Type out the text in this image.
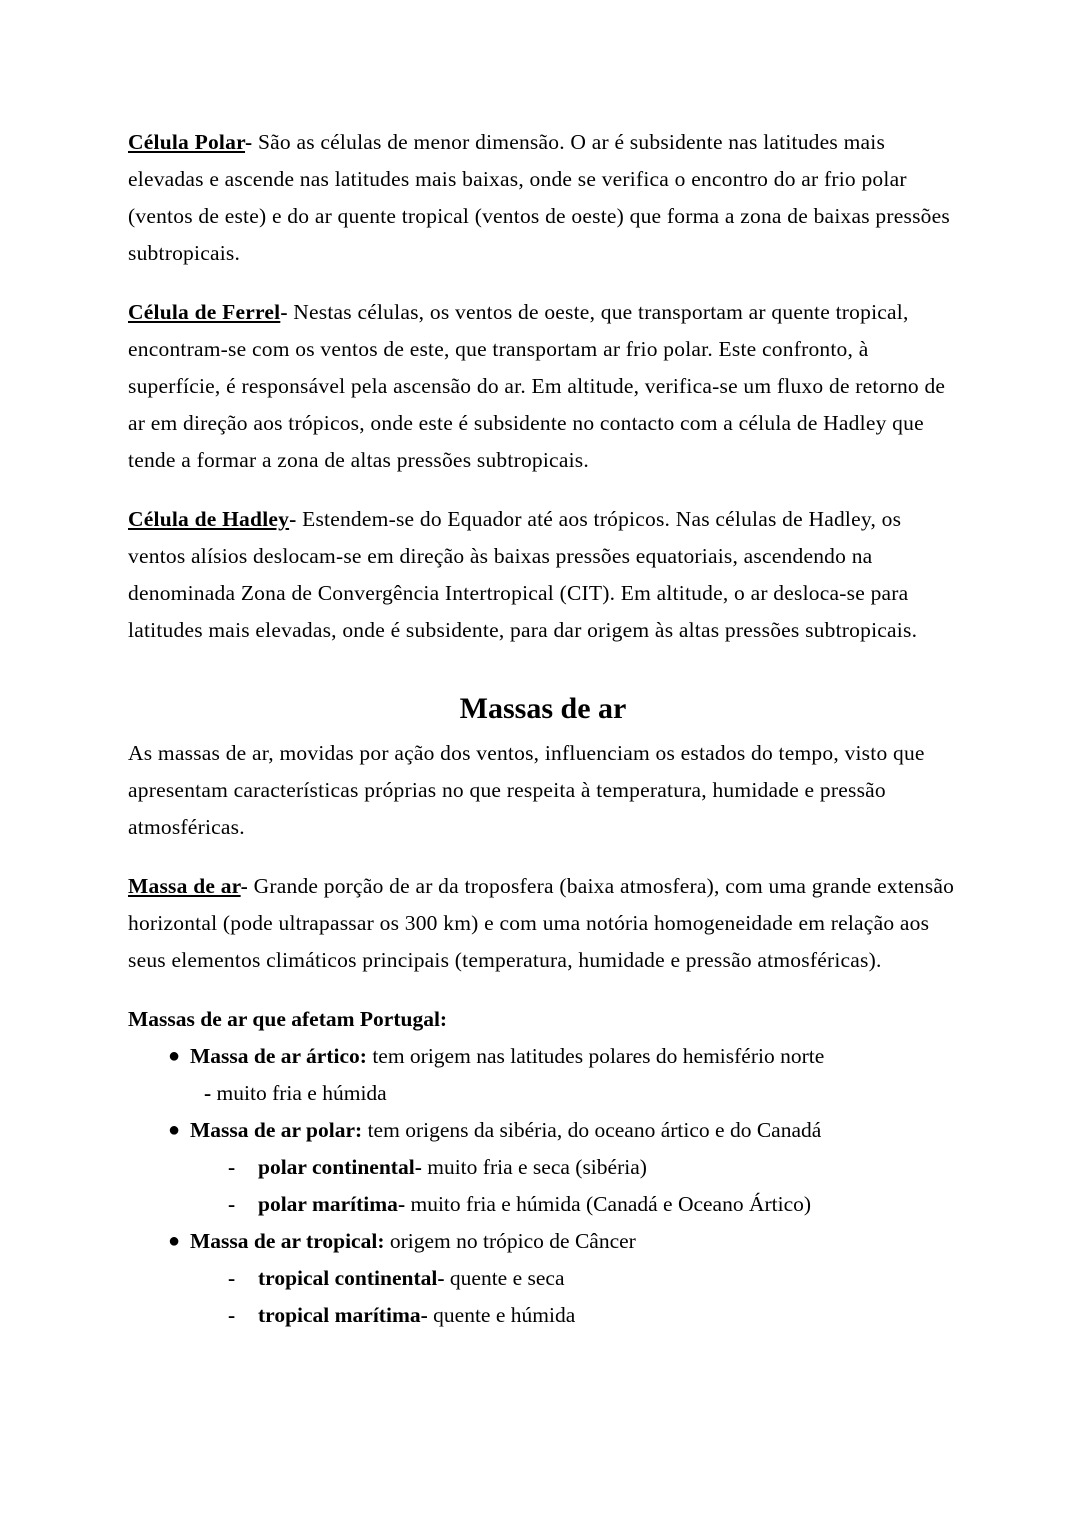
Célula Polar- São as células de menor dimensão. O ar é subsidente nas latitudes mais elevadas e ascende nas latitudes mais baixas, onde se verifica o encontro do ar frio polar (ventos de este) e do ar quente tropical (ventos de oeste) que forma a zona de baixas pressões subtropicais.

Célula de Ferrel- Nestas células, os ventos de oeste, que transportam ar quente tropical, encontram-se com os ventos de este, que transportam ar frio polar. Este confronto, à superfície, é responsável pela ascensão do ar. Em altitude, verifica-se um fluxo de retorno de ar em direção aos trópicos, onde este é subsidente no contacto com a célula de Hadley que tende a formar a zona de altas pressões subtropicais.

Célula de Hadley- Estendem-se do Equador até aos trópicos. Nas células de Hadley, os ventos alísios deslocam-se em direção às baixas pressões equatoriais, ascendendo na denominada Zona de Convergência Intertropical (CIT). Em altitude, o ar desloca-se para latitudes mais elevadas, onde é subsidente, para dar origem às altas pressões subtropicais.

Massas de ar

As massas de ar, movidas por ação dos ventos, influenciam os estados do tempo, visto que apresentam características próprias no que respeita à temperatura, humidade e pressão atmosféricas.

Massa de ar- Grande porção de ar da troposfera (baixa atmosfera), com uma grande extensão horizontal (pode ultrapassar os 300 km) e com uma notória homogeneidade em relação aos seus elementos climáticos principais (temperatura, humidade e pressão atmosféricas).

Massas de ar que afetam Portugal:
● Massa de ar ártico: tem origem nas latitudes polares do hemisfério norte
- muito fria e húmida
● Massa de ar polar: tem origens da sibéria, do oceano ártico e do Canadá
- polar continental- muito fria e seca (sibéria)
- polar marítima- muito fria e húmida (Canadá e Oceano Ártico)
● Massa de ar tropical: origem no trópico de Câncer
- tropical continental- quente e seca
- tropical marítima- quente e húmida
